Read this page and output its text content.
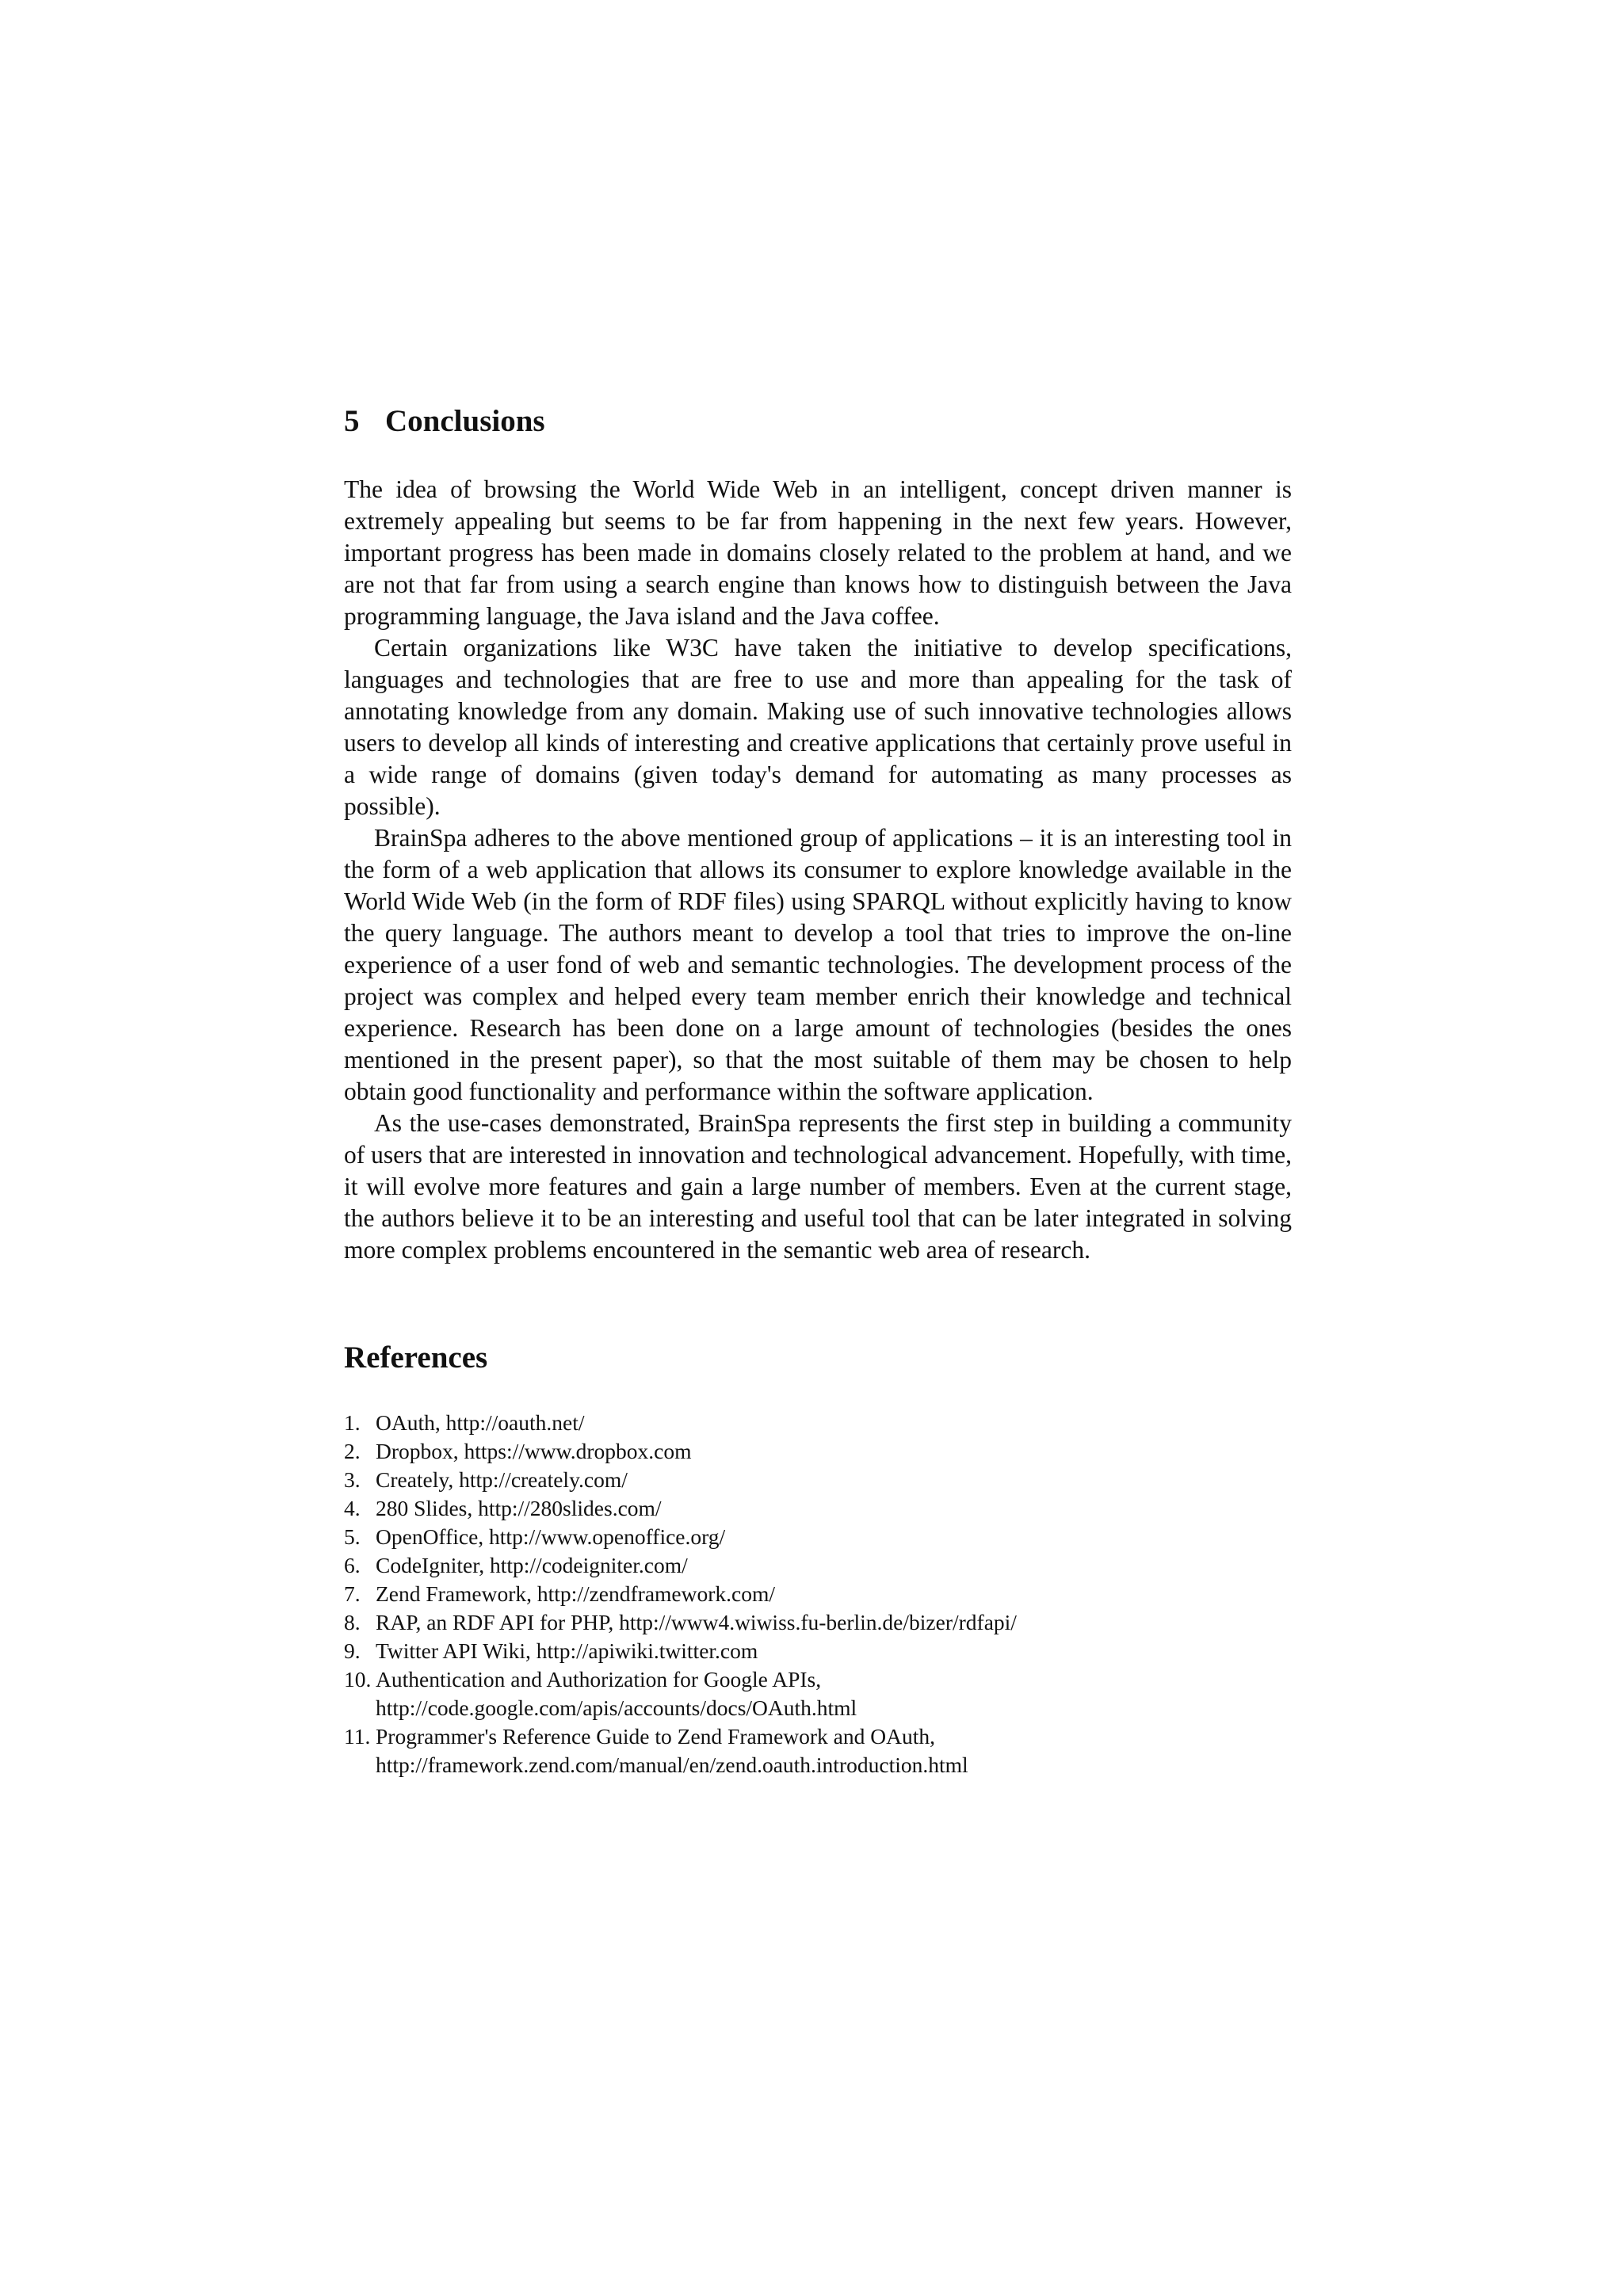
5 Conclusions

The idea of browsing the World Wide Web in an intelligent, concept driven manner is extremely appealing but seems to be far from happening in the next few years. However, important progress has been made in domains closely related to the problem at hand, and we are not that far from using a search engine than knows how to distinguish between the Java programming language, the Java island and the Java coffee.

Certain organizations like W3C have taken the initiative to develop specifications, languages and technologies that are free to use and more than appealing for the task of annotating knowledge from any domain. Making use of such innovative technologies allows users to develop all kinds of interesting and creative applications that certainly prove useful in a wide range of domains (given today's demand for automating as many processes as possible).

BrainSpa adheres to the above mentioned group of applications – it is an interesting tool in the form of a web application that allows its consumer to explore knowledge available in the World Wide Web (in the form of RDF files) using SPARQL without explicitly having to know the query language. The authors meant to develop a tool that tries to improve the on-line experience of a user fond of web and semantic technologies. The development process of the project was complex and helped every team member enrich their knowledge and technical experience. Research has been done on a large amount of technologies (besides the ones mentioned in the present paper), so that the most suitable of them may be chosen to help obtain good functionality and performance within the software application.

As the use-cases demonstrated, BrainSpa represents the first step in building a community of users that are interested in innovation and technological advancement. Hopefully, with time, it will evolve more features and gain a large number of members. Even at the current stage, the authors believe it to be an interesting and useful tool that can be later integrated in solving more complex problems encountered in the semantic web area of research.

References
1. OAuth, http://oauth.net/
2. Dropbox, https://www.dropbox.com
3. Creately, http://creately.com/
4. 280 Slides, http://280slides.com/
5. OpenOffice, http://www.openoffice.org/
6. CodeIgniter, http://codeigniter.com/
7. Zend Framework, http://zendframework.com/
8. RAP, an RDF API for PHP, http://www4.wiwiss.fu-berlin.de/bizer/rdfapi/
9. Twitter API Wiki, http://apiwiki.twitter.com
10. Authentication and Authorization for Google APIs,
http://code.google.com/apis/accounts/docs/OAuth.html
11. Programmer's Reference Guide to Zend Framework and OAuth,
http://framework.zend.com/manual/en/zend.oauth.introduction.html
